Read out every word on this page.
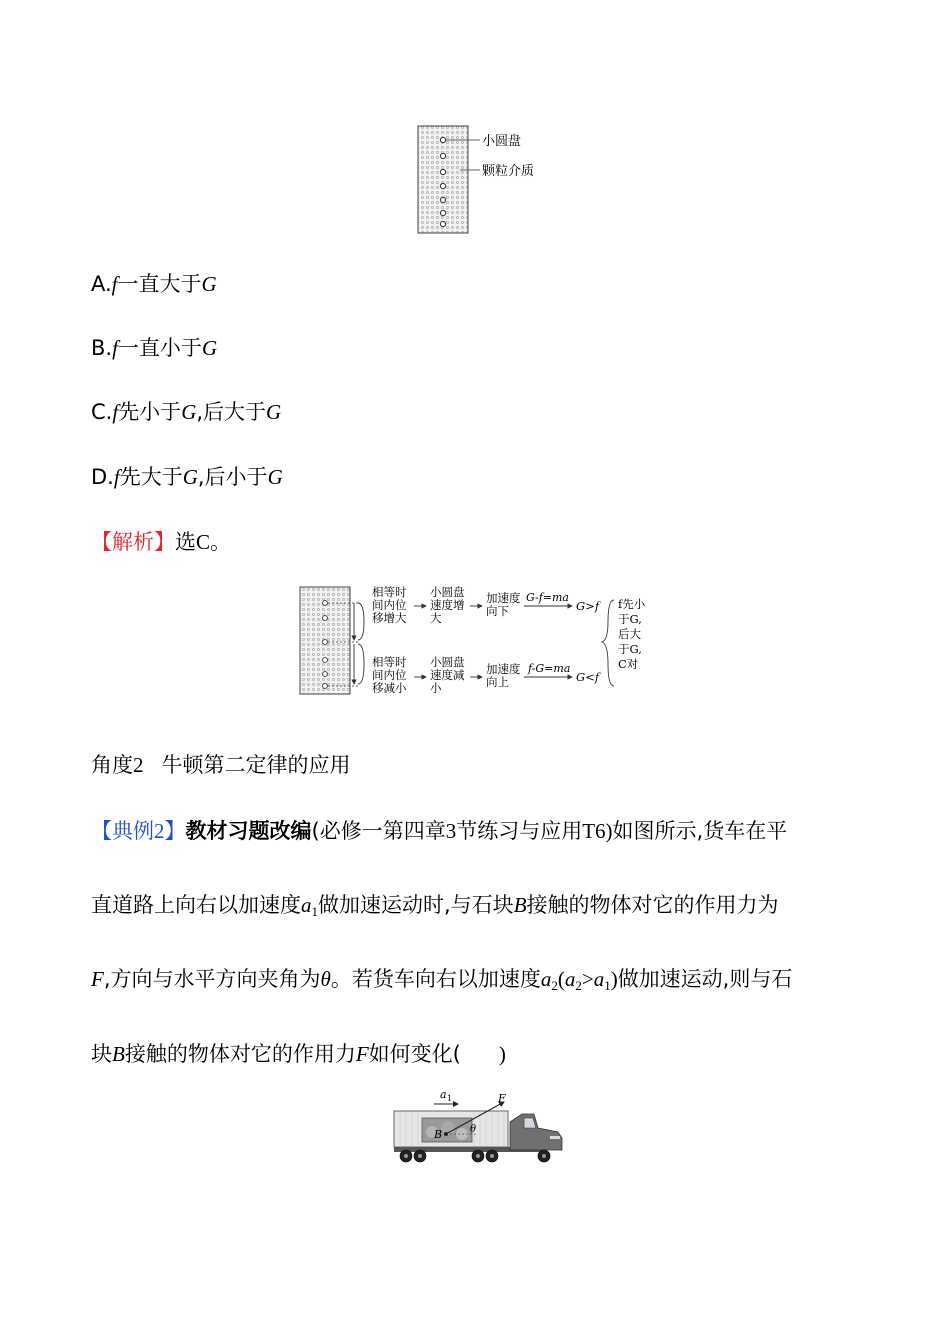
小圆盘
颗粒介质
A.f一直大于G
B.f一直小于G
C.f先小于G,后大于G
D.f先大于G,后小于G
【解析】选C。
相等时
间内位
移增大
小圆盘
速度增
大
加速度
向下
G-f=ma
G>f
相等时
间内位
移减小
小圆盘
速度减
小
加速度
向上
f-G=ma
G<f
f先小
于G,
后大
于G,
C对
角度2 牛顿第二定律的应用
【典例2】教材习题改编(必修一第四章3节练习与应用T6)如图所示,货车在平
直道路上向右以加速度$a_1$做加速运动时,与石块B接触的物体对它的作用力为
F,方向与水平方向夹角为θ。若货车向右以加速度$a_2(a_2>a_1)$做加速运动,则与石
块B接触的物体对它的作用力F如何变化( )
a 1
B
F
θ
